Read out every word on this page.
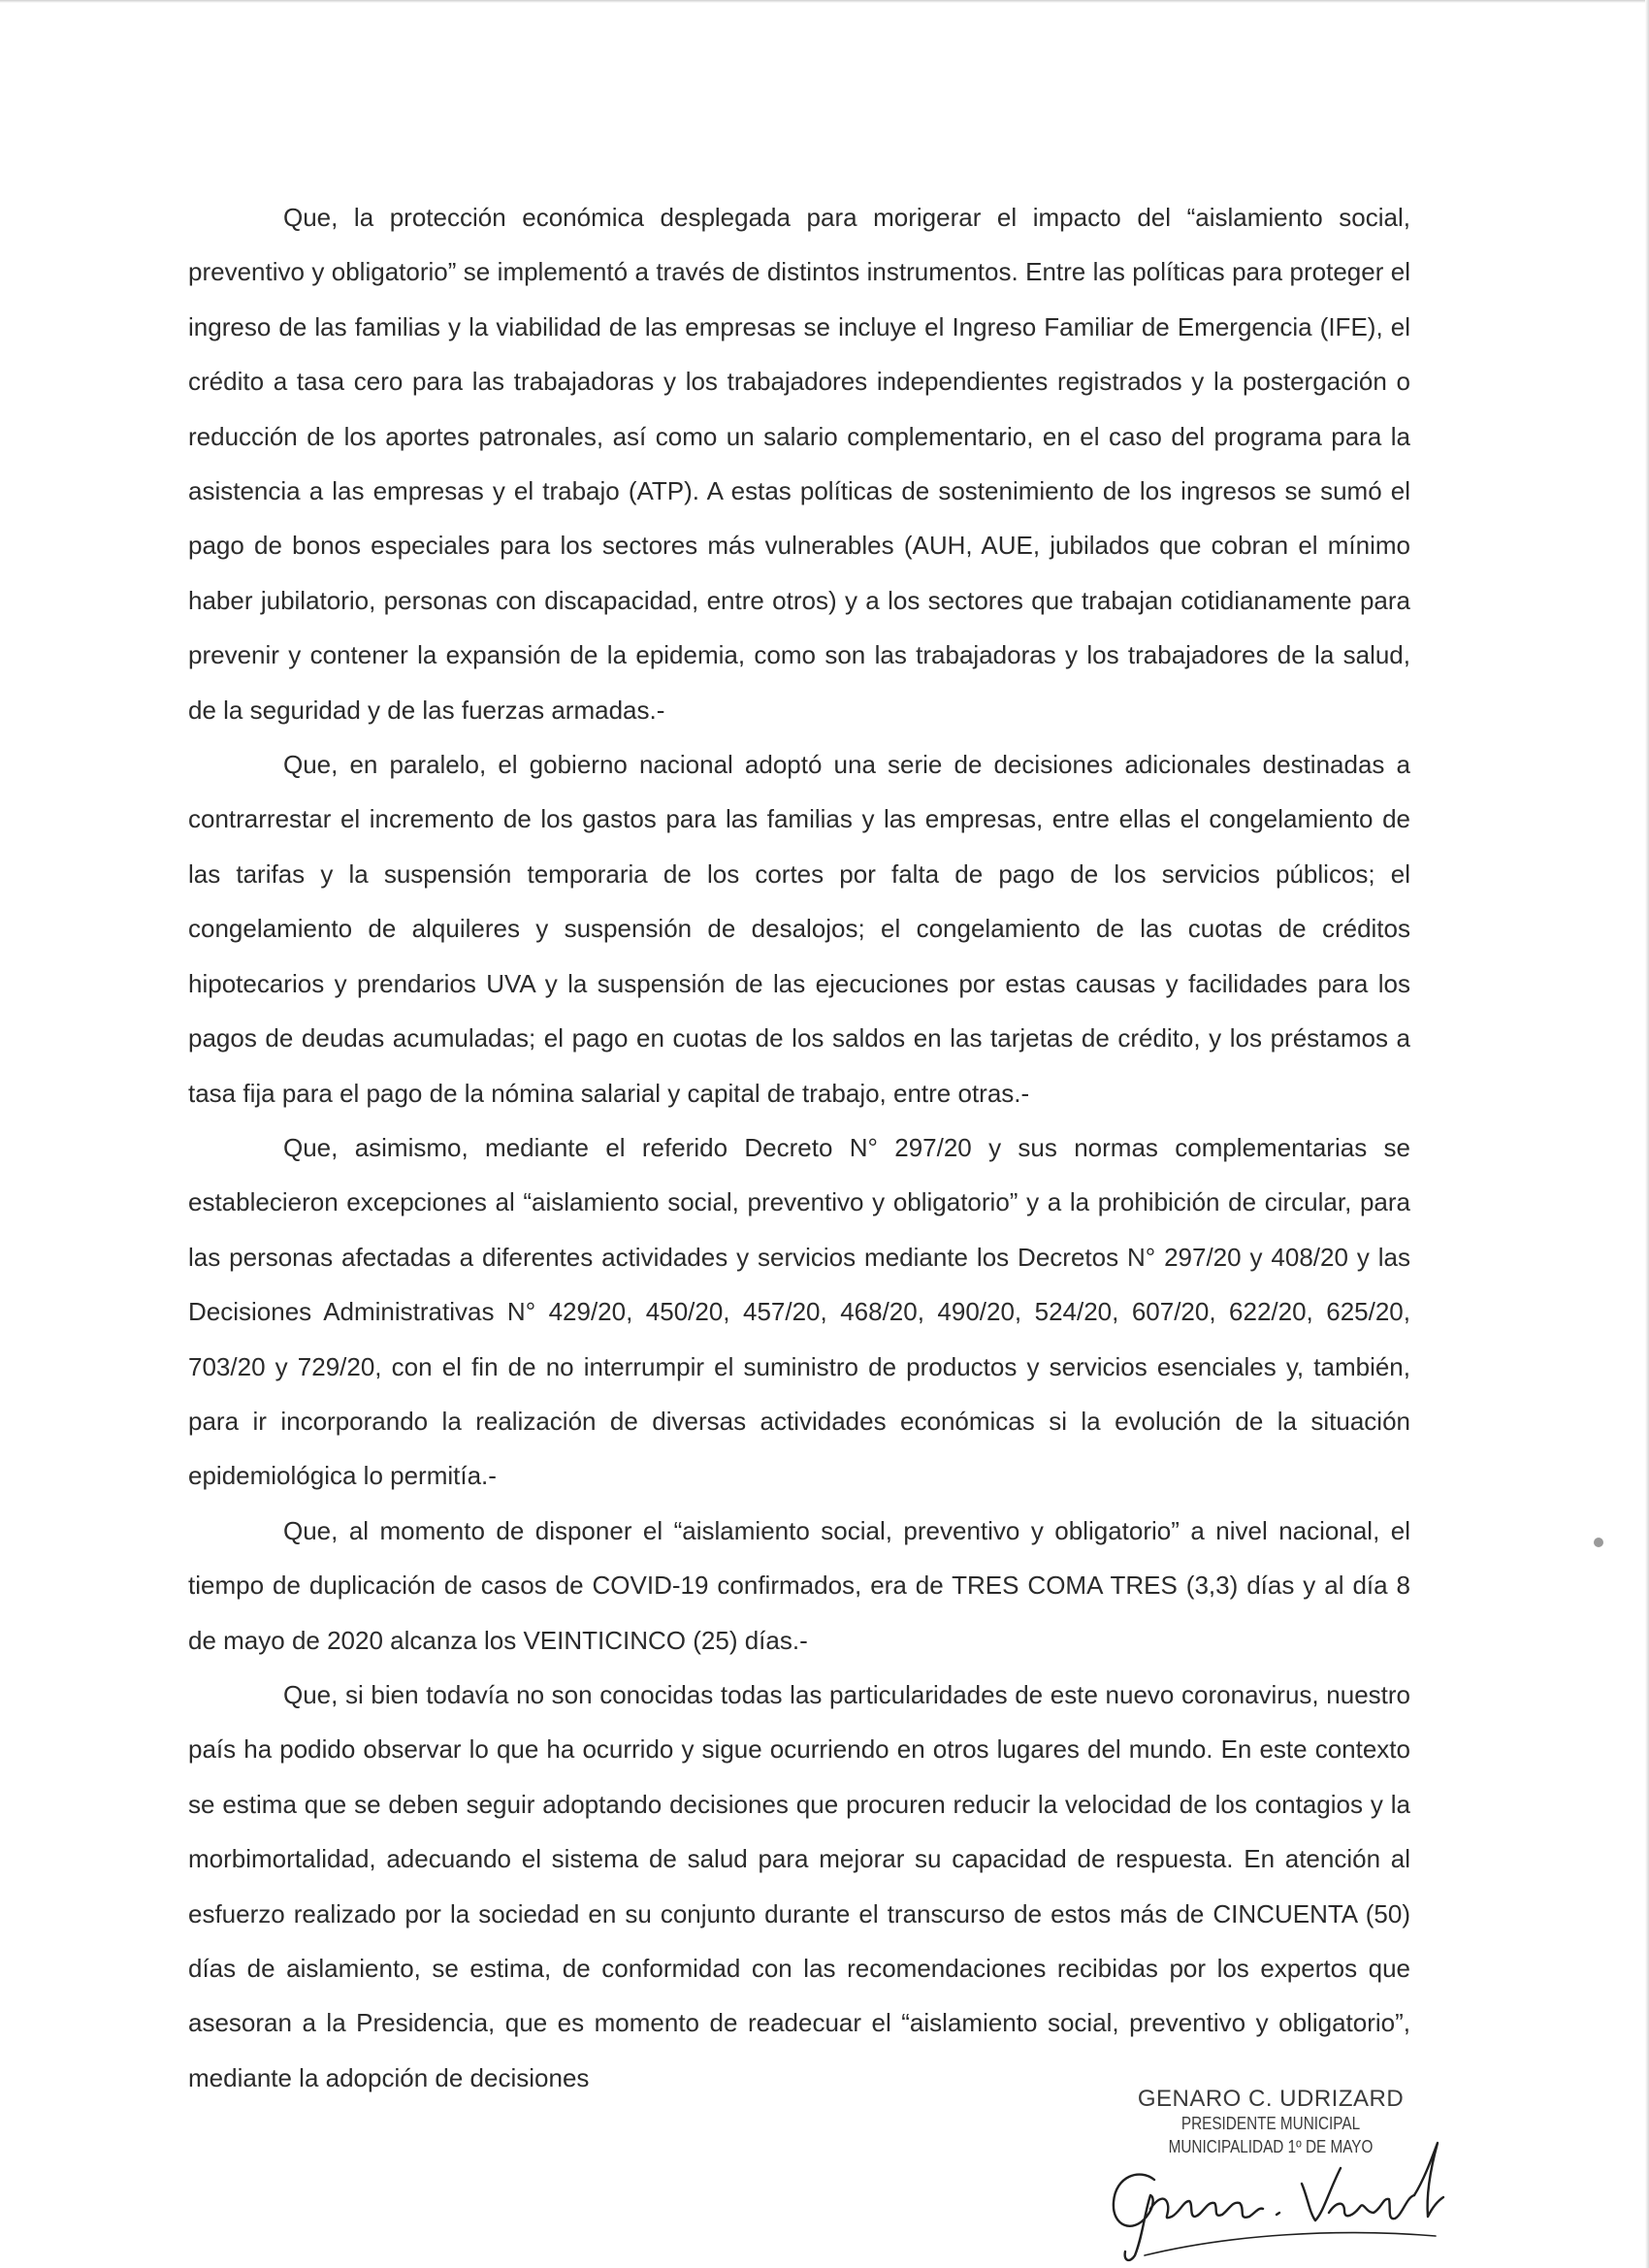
Que, la protección económica desplegada para morigerar el impacto del “aislamiento social, preventivo y obligatorio” se implementó a través de distintos instrumentos. Entre las políticas para proteger el ingreso de las familias y la viabilidad de las empresas se incluye el Ingreso Familiar de Emergencia (IFE), el crédito a tasa cero para las trabajadoras y los trabajadores independientes registrados y la postergación o reducción de los aportes patronales, así como un salario complementario, en el caso del programa para la asistencia a las empresas y el trabajo (ATP). A estas políticas de sostenimiento de los ingresos se sumó el pago de bonos especiales para los sectores más vulnerables (AUH, AUE, jubilados que cobran el mínimo haber jubilatorio, personas con discapacidad, entre otros) y a los sectores que trabajan cotidianamente para prevenir y contener la expansión de la epidemia, como son las trabajadoras y los trabajadores de la salud, de la seguridad y de las fuerzas armadas.-

Que, en paralelo, el gobierno nacional adoptó una serie de decisiones adicionales destinadas a contrarrestar el incremento de los gastos para las familias y las empresas, entre ellas el congelamiento de las tarifas y la suspensión temporaria de los cortes por falta de pago de los servicios públicos; el congelamiento de alquileres y suspensión de desalojos; el congelamiento de las cuotas de créditos hipotecarios y prendarios UVA y la suspensión de las ejecuciones por estas causas y facilidades para los pagos de deudas acumuladas; el pago en cuotas de los saldos en las tarjetas de crédito, y los préstamos a tasa fija para el pago de la nómina salarial y capital de trabajo, entre otras.-

Que, asimismo, mediante el referido Decreto N° 297/20 y sus normas complementarias se establecieron excepciones al “aislamiento social, preventivo y obligatorio” y a la prohibición de circular, para las personas afectadas a diferentes actividades y servicios mediante los Decretos N° 297/20 y 408/20 y las Decisiones Administrativas N° 429/20, 450/20, 457/20, 468/20, 490/20, 524/20, 607/20, 622/20, 625/20, 703/20 y 729/20, con el fin de no interrumpir el suministro de productos y servicios esenciales y, también, para ir incorporando la realización de diversas actividades económicas si la evolución de la situación epidemiológica lo permitía.-

Que, al momento de disponer el “aislamiento social, preventivo y obligatorio” a nivel nacional, el tiempo de duplicación de casos de COVID-19 confirmados, era de TRES COMA TRES (3,3) días y al día 8 de mayo de 2020 alcanza los VEINTICINCO (25) días.-

Que, si bien todavía no son conocidas todas las particularidades de este nuevo coronavirus, nuestro país ha podido observar lo que ha ocurrido y sigue ocurriendo en otros lugares del mundo. En este contexto se estima que se deben seguir adoptando decisiones que procuren reducir la velocidad de los contagios y la morbimortalidad, adecuando el sistema de salud para mejorar su capacidad de respuesta. En atención al esfuerzo realizado por la sociedad en su conjunto durante el transcurso de estos más de CINCUENTA (50) días de aislamiento, se estima, de conformidad con las recomendaciones recibidas por los expertos que asesoran a la Presidencia, que es momento de readecuar el “aislamiento social, preventivo y obligatorio”, mediante la adopción de decisiones

GENARO C. UDRIZARD
PRESIDENTE MUNICIPAL
MUNICIPALIDAD 1º DE MAYO
